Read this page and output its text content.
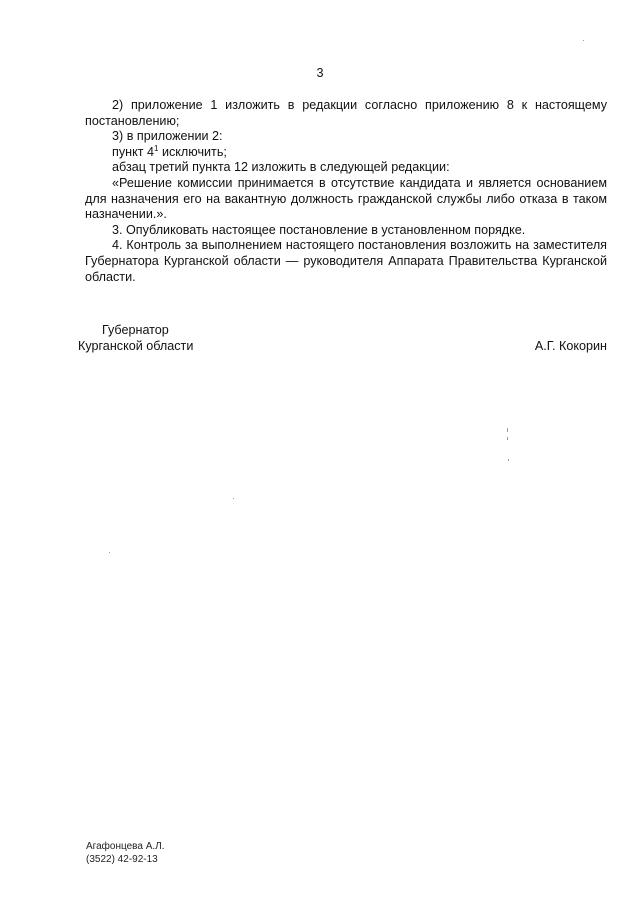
3

2) приложение 1 изложить в редакции согласно приложению 8 к настоящему постановлению;

3) в приложении 2:

пункт $4^1$ исключить;

абзац третий пункта 12 изложить в следующей редакции:

«Решение комиссии принимается в отсутствие кандидата и является основанием для назначения его на вакантную должность гражданской службы либо отказа в таком назначении.».

3. Опубликовать настоящее постановление в установленном порядке.

4. Контроль за выполнением настоящего постановления возложить на заместителя Губернатора Курганской области — руководителя Аппарата Правительства Курганской области.

Губернатор
Курганской области	А.Г. Кокорин
Агафонцева А.Л.
(3522) 42-92-13
